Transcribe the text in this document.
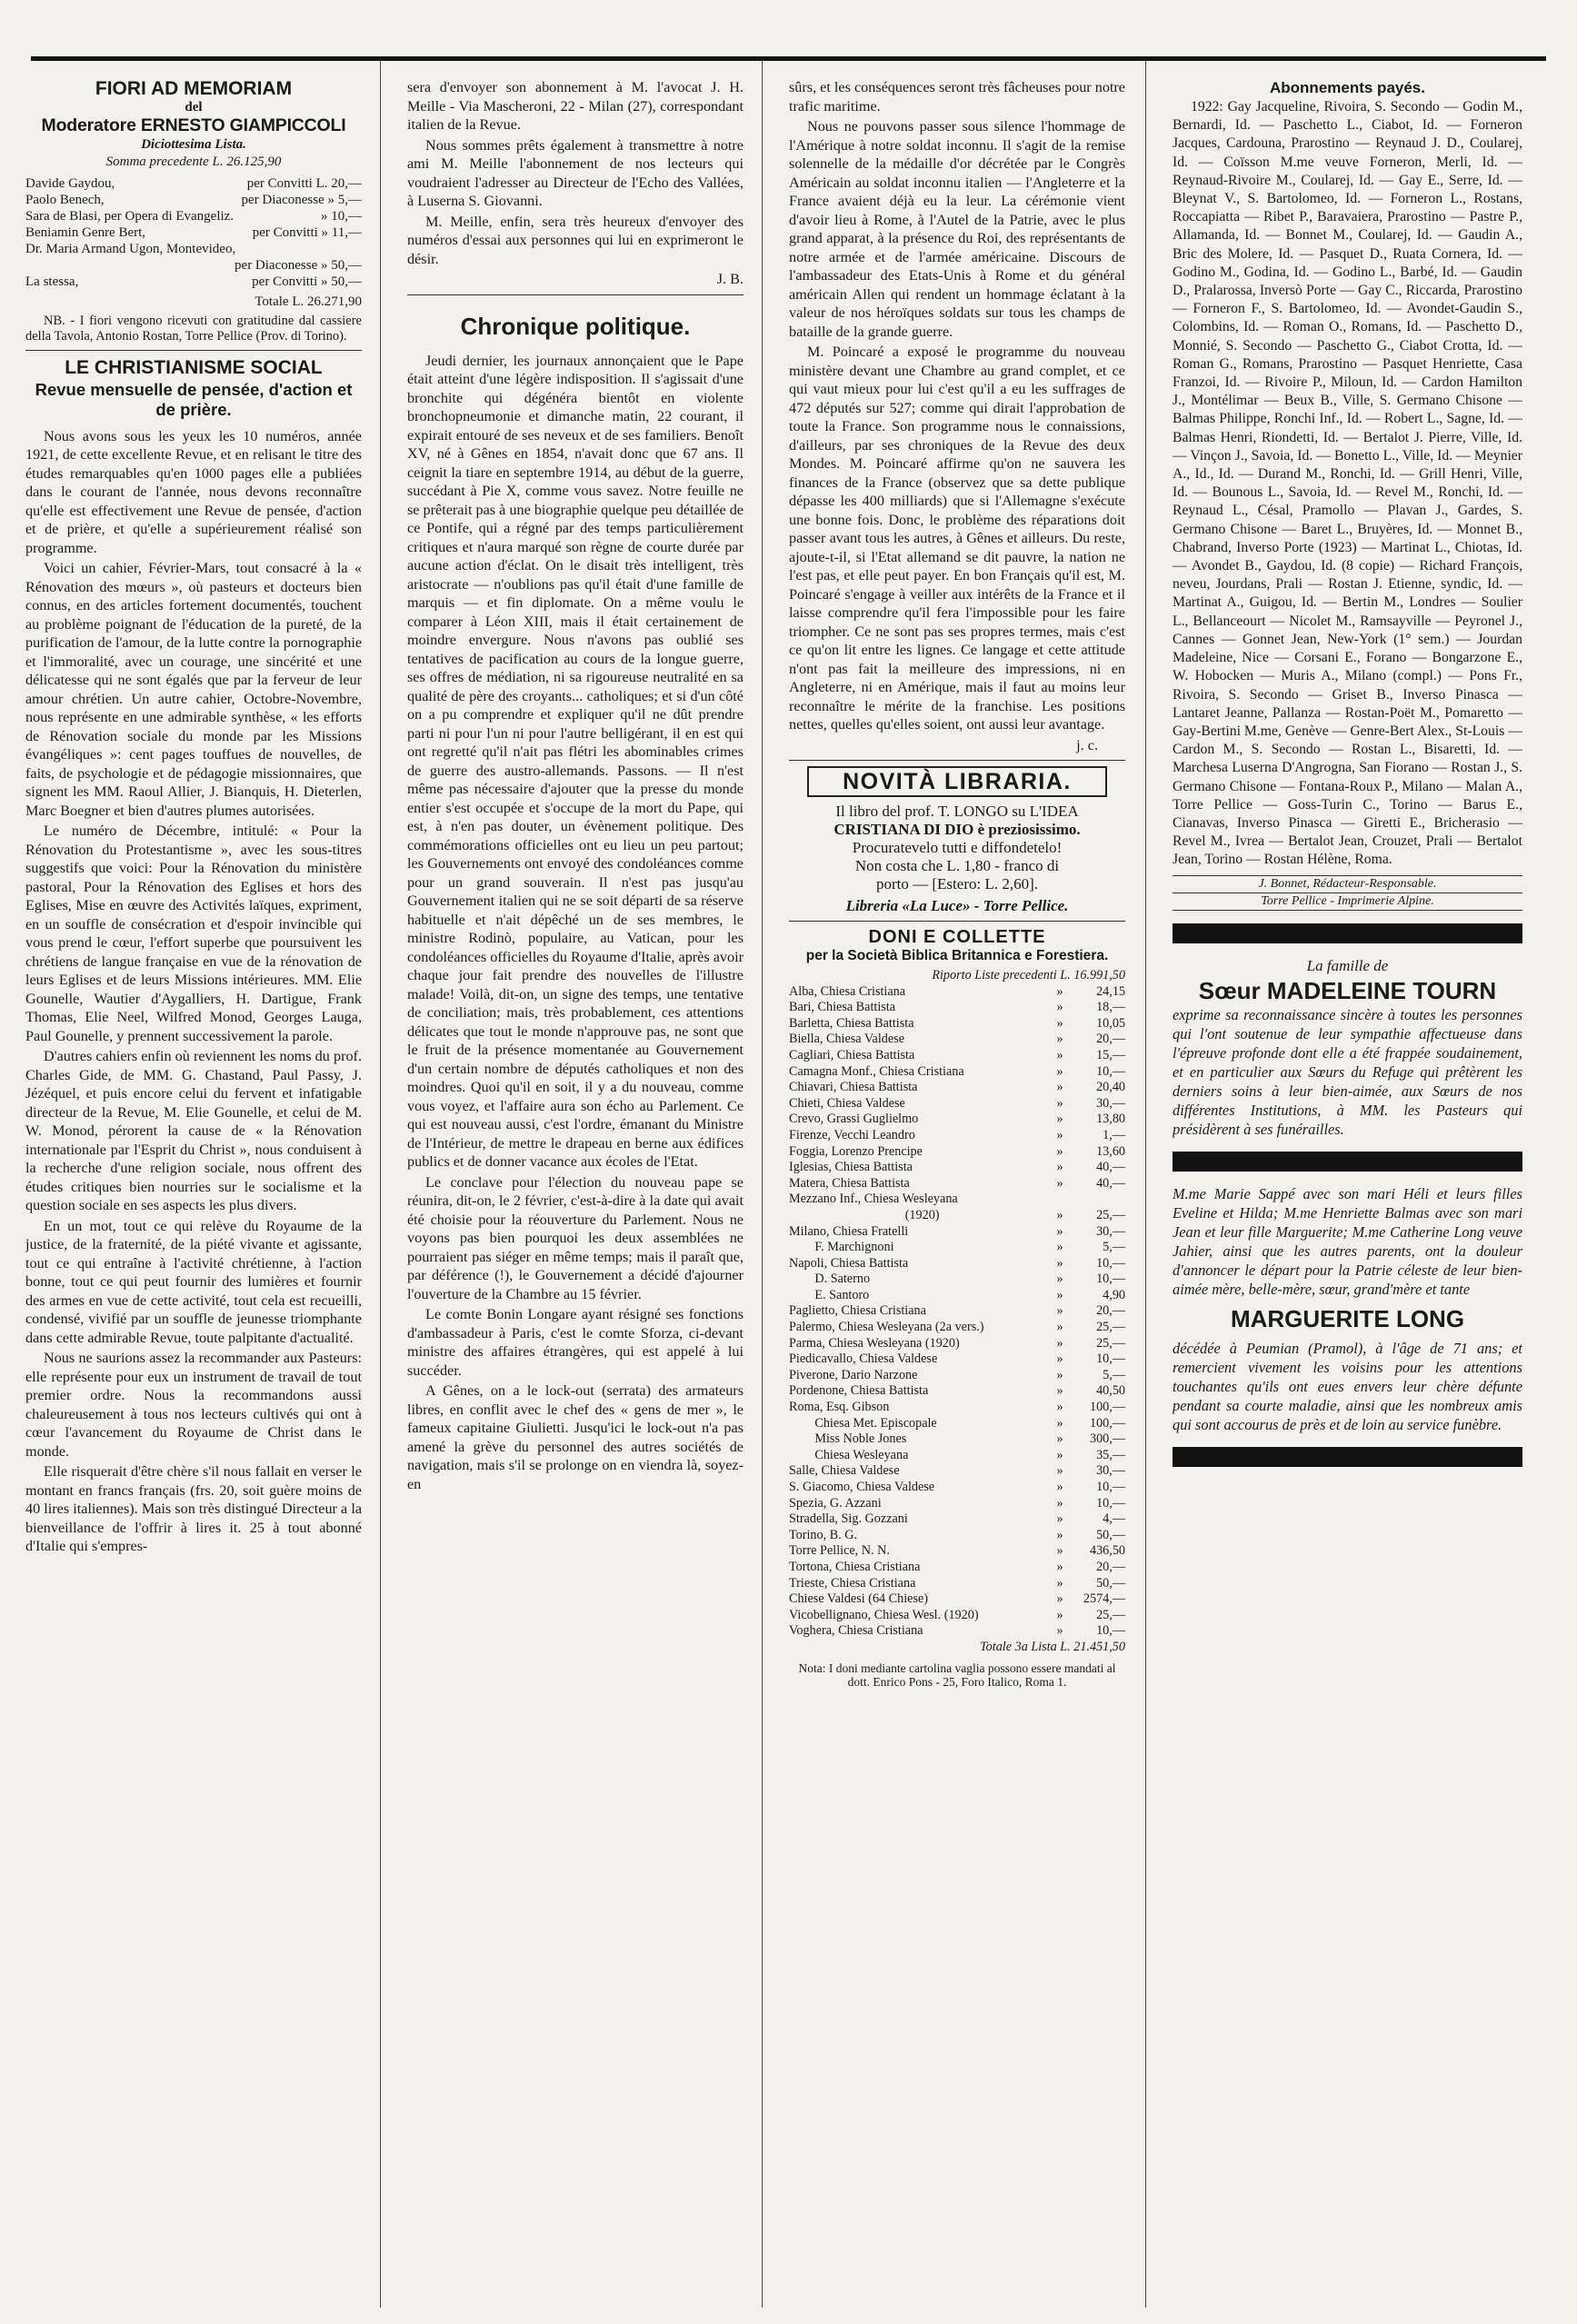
FIORI AD MEMORIAM
del
Moderatore ERNESTO GIAMPICCOLI
Diciottesima Lista.
Somma precedente L. 26.125,90
Davide Gaydou,	per Convitti L. 20,—
Paolo Benech,	per Diaconesse » 5,—
Sara de Blasi, per Opera di Evangeliz.	» 10,—
Beniamin Genre Bert,	per Convitti » 11,—
Dr. Maria Armand Ugon, Montevideo,
per Diaconesse » 50,—
La stessa,	per Convitti » 50,—
Totale L. 26.271,90

NB. - I fiori vengono ricevuti con gratitudine dal cassiere della Tavola, Antonio Rostan, Torre Pellice (Prov. di Torino).

LE CHRISTIANISME SOCIAL
Revue mensuelle de pensée, d'action et de prière.

Nous avons sous les yeux les 10 numéros, année 1921, de cette excellente Revue, et en relisant le titre des études remarquables qu'en 1000 pages elle a publiées dans le courant de l'année, nous devons reconnaître qu'elle est effectivement une Revue de pensée, d'action et de prière, et qu'elle a supérieurement réalisé son programme.

Voici un cahier, Février-Mars, tout consacré à la « Rénovation des mœurs », où pasteurs et docteurs bien connus, en des articles fortement documentés, touchent au problème poignant de l'éducation de la pureté, de la purification de l'amour, de la lutte contre la pornographie et l'immoralité, avec un courage, une sincérité et une délicatesse qui ne sont égalés que par la ferveur de leur amour chrétien. Un autre cahier, Octobre-Novembre, nous représente en une admirable synthèse, « les efforts de Rénovation sociale du monde par les Missions évangéliques »: cent pages touffues de nouvelles, de faits, de psychologie et de pédagogie missionnaires, que signent les MM. Raoul Allier, J. Bianquis, H. Dieterlen, Marc Boegner et bien d'autres plumes autorisées.

Le numéro de Décembre, intitulé: « Pour la Rénovation du Protestantisme », avec les sous-titres suggestifs que voici: Pour la Rénovation du ministère pastoral, Pour la Rénovation des Eglises et hors des Eglises, Mise en œuvre des Activités laïques, expriment, en un souffle de consécration et d'espoir invincible qui vous prend le cœur, l'effort superbe que poursuivent les chrétiens de langue française en vue de la rénovation de leurs Eglises et de leurs Missions intérieures. MM. Elie Gounelle, Wautier d'Aygalliers, H. Dartigue, Frank Thomas, Elie Neel, Wilfred Monod, Georges Lauga, Paul Gounelle, y prennent successivement la parole.

D'autres cahiers enfin où reviennent les noms du prof. Charles Gide, de MM. G. Chastand, Paul Passy, J. Jézéquel, et puis encore celui du fervent et infatigable directeur de la Revue, M. Elie Gounelle, et celui de M. W. Monod, pérorent la cause de « la Rénovation internationale par l'Esprit du Christ », nous conduisent à la recherche d'une religion sociale, nous offrent des études critiques bien nourries sur le socialisme et la question sociale en ses aspects les plus divers.

En un mot, tout ce qui relève du Royaume de la justice, de la fraternité, de la piété vivante et agissante, tout ce qui entraîne à l'activité chrétienne, à l'action bonne, tout ce qui peut fournir des lumières et fournir des armes en vue de cette activité, tout cela est recueilli, condensé, vivifié par un souffle de jeunesse triomphante dans cette admirable Revue, toute palpitante d'actualité.

Nous ne saurions assez la recommander aux Pasteurs: elle représente pour eux un instrument de travail de tout premier ordre. Nous la recommandons aussi chaleureusement à tous nos lecteurs cultivés qui ont à cœur l'avancement du Royaume de Christ dans le monde.

Elle risquerait d'être chère s'il nous fallait en verser le montant en francs français (frs. 20, soit guère moins de 40 lires italiennes). Mais son très distingué Directeur a la bienveillance de l'offrir à lires it. 25 à tout abonné d'Italie qui s'empres-

sera d'envoyer son abonnement à M. l'avocat J. H. Meille - Via Mascheroni, 22 - Milan (27), correspondant italien de la Revue.

Nous sommes prêts également à transmettre à notre ami M. Meille l'abonnement de nos lecteurs qui voudraient l'adresser au Directeur de l'Echo des Vallées, à Luserna S. Giovanni.

M. Meille, enfin, sera très heureux d'envoyer des numéros d'essai aux personnes qui lui en exprimeront le désir.

J. B.
Chronique politique.

Jeudi dernier, les journaux annonçaient que le Pape était atteint d'une légère indisposition. Il s'agissait d'une bronchite qui dégénéra bientôt en violente bronchopneumonie et dimanche matin, 22 courant, il expirait entouré de ses neveux et de ses familiers. Benoît XV, né à Gênes en 1854, n'avait donc que 67 ans. Il ceignit la tiare en septembre 1914, au début de la guerre, succédant à Pie X, comme vous savez. Notre feuille ne se prêterait pas à une biographie quelque peu détaillée de ce Pontife, qui a régné par des temps particulièrement critiques et n'aura marqué son règne de courte durée par aucune action d'éclat. On le disait très intelligent, très aristocrate — n'oublions pas qu'il était d'une famille de marquis — et fin diplomate. On a même voulu le comparer à Léon XIII, mais il était certainement de moindre envergure. Nous n'avons pas oublié ses tentatives de pacification au cours de la longue guerre, ses offres de médiation, ni sa rigoureuse neutralité en sa qualité de père des croyants... catholiques; et si d'un côté on a pu comprendre et expliquer qu'il ne dût prendre parti ni pour l'un ni pour l'autre belligérant, il en est qui ont regretté qu'il n'ait pas flétri les abominables crimes de guerre des austro-allemands. Passons. — Il n'est même pas nécessaire d'ajouter que la presse du monde entier s'est occupée et s'occupe de la mort du Pape, qui est, à n'en pas douter, un évènement politique. Des commémorations officielles ont eu lieu un peu partout; les Gouvernements ont envoyé des condoléances comme pour un grand souverain. Il n'est pas jusqu'au Gouvernement italien qui ne se soit départi de sa réserve habituelle et n'ait dépêché un de ses membres, le ministre Rodinò, populaire, au Vatican, pour les condoléances officielles du Royaume d'Italie, après avoir chaque jour fait prendre des nouvelles de l'illustre malade! Voilà, dit-on, un signe des temps, une tentative de conciliation; mais, très probablement, ces attentions délicates que tout le monde n'approuve pas, ne sont que le fruit de la présence momentanée au Gouvernement d'un certain nombre de députés catholiques et non des moindres. Quoi qu'il en soit, il y a du nouveau, comme vous voyez, et l'affaire aura son écho au Parlement. Ce qui est nouveau aussi, c'est l'ordre, émanant du Ministre de l'Intérieur, de mettre le drapeau en berne aux édifices publics et de donner vacance aux écoles de l'Etat.

Le conclave pour l'élection du nouveau pape se réunira, dit-on, le 2 février, c'est-à-dire à la date qui avait été choisie pour la réouverture du Parlement. Nous ne voyons pas bien pourquoi les deux assemblées ne pourraient pas siéger en même temps; mais il paraît que, par déférence (!), le Gouvernement a décidé d'ajourner l'ouverture de la Chambre au 15 février.

Le comte Bonin Longare ayant résigné ses fonctions d'ambassadeur à Paris, c'est le comte Sforza, ci-devant ministre des affaires étrangères, qui est appelé à lui succéder.

A Gênes, on a le lock-out (serrata) des armateurs libres, en conflit avec le chef des « gens de mer », le fameux capitaine Giulietti. Jusqu'ici le lock-out n'a pas amené la grève du personnel des autres sociétés de navigation, mais s'il se prolonge on en viendra là, soyez-en

sûrs, et les conséquences seront très fâcheuses pour notre trafic maritime.

Nous ne pouvons passer sous silence l'hommage de l'Amérique à notre soldat inconnu. Il s'agit de la remise solennelle de la médaille d'or décrétée par le Congrès Américain au soldat inconnu italien — l'Angleterre et la France avaient déjà eu la leur. La cérémonie vient d'avoir lieu à Rome, à l'Autel de la Patrie, avec le plus grand apparat, à la présence du Roi, des représentants de notre armée et de l'armée américaine. Discours de l'ambassadeur des Etats-Unis à Rome et du général américain Allen qui rendent un hommage éclatant à la valeur de nos héroïques soldats sur tous les champs de bataille de la grande guerre.

M. Poincaré a exposé le programme du nouveau ministère devant une Chambre au grand complet, et ce qui vaut mieux pour lui c'est qu'il a eu les suffrages de 472 députés sur 527; comme qui dirait l'approbation de toute la France. Son programme nous le connaissions, d'ailleurs, par ses chroniques de la Revue des deux Mondes. M. Poincaré affirme qu'on ne sauvera les finances de la France (observez que sa dette publique dépasse les 400 milliards) que si l'Allemagne s'exécute une bonne fois. Donc, le problème des réparations doit passer avant tous les autres, à Gênes et ailleurs. Du reste, ajoute-t-il, si l'Etat allemand se dit pauvre, la nation ne l'est pas, et elle peut payer. En bon Français qu'il est, M. Poincaré s'engage à veiller aux intérêts de la France et il laisse comprendre qu'il fera l'impossible pour les faire triompher. Ce ne sont pas ses propres termes, mais c'est ce qu'on lit entre les lignes. Ce langage et cette attitude n'ont pas fait la meilleure des impressions, ni en Angleterre, ni en Amérique, mais il faut au moins leur reconnaître le mérite de la franchise. Les positions nettes, quelles qu'elles soient, ont aussi leur avantage.

j. c.
NOVITÀ LIBRARIA.
Il libro del prof. T. LONGO su L'IDEA
CRISTIANA DI DIO è preziosissimo.
Procuratevelo tutti e diffondetelo!
Non costa che L. 1,80 - franco di
porto — [Estero: L. 2,60].
Libreria «La Luce» - Torre Pellice.
DONI E COLLETTE
per la Società Biblica Britannica e Forestiera.
Riporto Liste precedenti L. 16.991,50
Alba, Chiesa Cristiana	»	24,15
Bari, Chiesa Battista	»	18,—
Barletta, Chiesa Battista	»	10,05
Biella, Chiesa Valdese	»	20,—
Cagliari, Chiesa Battista	»	15,—
Camagna Monf., Chiesa Cristiana	»	10,—
Chiavari, Chiesa Battista	»	20,40
Chieti, Chiesa Valdese	»	30,—
Crevo, Grassi Guglielmo	»	13,80
Firenze, Vecchi Leandro	»	1,—
Foggia, Lorenzo Prencipe	»	13,60
Iglesias, Chiesa Battista	»	40,—
Matera, Chiesa Battista	»	40,—
Mezzano Inf., Chiesa Wesleyana
(1920)	»	25,—
Milano, Chiesa Fratelli	»	30,—
F. Marchignoni	»	5,—
Napoli, Chiesa Battista	»	10,—
D. Saterno	»	10,—
E. Santoro	»	4,90
Paglietto, Chiesa Cristiana	»	20,—
Palermo, Chiesa Wesleyana (2a vers.)	»	25,—
Parma, Chiesa Wesleyana (1920)	»	25,—
Piedicavallo, Chiesa Valdese	»	10,—
Piverone, Dario Narzone	»	5,—
Pordenone, Chiesa Battista	»	40,50
Roma, Esq. Gibson	»	100,—
Chiesa Met. Episcopale	»	100,—
Miss Noble Jones	»	300,—
Chiesa Wesleyana	»	35,—
Salle, Chiesa Valdese	»	30,—
S. Giacomo, Chiesa Valdese	»	10,—
Spezia, G. Azzani	»	10,—
Stradella, Sig. Gozzani	»	4,—
Torino, B. G.	»	50,—
Torre Pellice, N. N.	»	436,50
Tortona, Chiesa Cristiana	»	20,—
Trieste, Chiesa Cristiana	»	50,—
Chiese Valdesi (64 Chiese)	»	2574,—
Vicobellignano, Chiesa Wesl. (1920)	»	25,—
Voghera, Chiesa Cristiana	»	10,—
Totale 3a Lista L. 21.451,50
Nota: I doni mediante cartolina vaglia possono essere mandati al dott. Enrico Pons - 25, Foro Italico, Roma 1.
Abonnements payés.
1922: Gay Jacqueline, Rivoira, S. Secondo — Godin M., Bernardi, Id. — Paschetto L., Ciabot, Id. — Forneron Jacques, Cardouna, Prarostino — Reynaud J. D., Coularej, Id. — Coïsson M.me veuve Forneron, Merli, Id. — Reynaud-Rivoire M., Coularej, Id. — Gay E., Serre, Id. — Bleynat V., S. Bartolomeo, Id. — Forneron L., Rostans, Roccapiatta — Ribet P., Baravaiera, Prarostino — Pastre P., Allamanda, Id. — Bonnet M., Coularej, Id. — Gaudin A., Bric des Molere, Id. — Pasquet D., Ruata Cornera, Id. — Godino M., Godina, Id. — Godino L., Barbé, Id. — Gaudin D., Pralarossa, Inversò Porte — Gay C., Riccarda, Prarostino — Forneron F., S. Bartolomeo, Id. — Avondet-Gaudin S., Colombins, Id. — Roman O., Romans, Id. — Paschetto D., Monnié, S. Secondo — Paschetto G., Ciabot Crotta, Id. — Roman G., Romans, Prarostino — Pasquet Henriette, Casa Franzoi, Id. — Rivoire P., Miloun, Id. — Cardon Hamilton J., Montélimar — Beux B., Ville, S. Germano Chisone — Balmas Philippe, Ronchi Inf., Id. — Robert L., Sagne, Id. — Balmas Henri, Riondetti, Id. — Bertalot J. Pierre, Ville, Id. — Vinçon J., Savoia, Id. — Bonetto L., Ville, Id. — Meynier A., Id., Id. — Durand M., Ronchi, Id. — Grill Henri, Ville, Id. — Bounous L., Savoia, Id. — Revel M., Ronchi, Id. — Reynaud L., Césal, Pramollo — Plavan J., Gardes, S. Germano Chisone — Baret L., Bruyères, Id. — Monnet B., Chabrand, Inverso Porte (1923) — Martinat L., Chiotas, Id. — Avondet B., Gaydou, Id. (8 copie) — Richard François, neveu, Jourdans, Prali — Rostan J. Etienne, syndic, Id. — Martinat A., Guigou, Id. — Bertin M., Londres — Soulier L., Bellanceourt — Nicolet M., Ramsayville — Peyronel J., Cannes — Gonnet Jean, New-York (1° sem.) — Jourdan Madeleine, Nice — Corsani E., Forano — Bongarzone E., W. Hobocken — Muris A., Milano (compl.) — Pons Fr., Rivoira, S. Secondo — Griset B., Inverso Pinasca — Lantaret Jeanne, Pallanza — Rostan-Poët M., Pomaretto — Gay-Bertini M.me, Genève — Genre-Bert Alex., St-Louis — Cardon M., S. Secondo — Rostan L., Bisaretti, Id. — Marchesa Luserna D'Angrogna, San Fiorano — Rostan J., S. Germano Chisone — Fontana-Roux P., Milano — Malan A., Torre Pellice — Goss-Turin C., Torino — Barus E., Cianavas, Inverso Pinasca — Giretti E., Bricherasio — Revel M., Ivrea — Bertalot Jean, Crouzet, Prali — Bertalot Jean, Torino — Rostan Hélène, Roma.
J. Bonnet, Rédacteur-Responsable.
Torre Pellice - Imprimerie Alpine.
La famille de
Sœur MADELEINE TOURN
exprime sa reconnaissance sincère à toutes les personnes qui l'ont soutenue de leur sympathie affectueuse dans l'épreuve profonde dont elle a été frappée soudainement, et en particulier aux Sœurs du Refuge qui prêtèrent les derniers soins à leur bien-aimée, aux Sœurs de nos différentes Institutions, à MM. les Pasteurs qui présidèrent à ses funérailles.
M.me Marie Sappé avec son mari Héli et leurs filles Eveline et Hilda; M.me Henriette Balmas avec son mari Jean et leur fille Marguerite; M.me Catherine Long veuve Jahier, ainsi que les autres parents, ont la douleur d'annoncer le départ pour la Patrie céleste de leur bien-aimée mère, belle-mère, sœur, grand'mère et tante
MARGUERITE LONG
décédée à Peumian (Pramol), à l'âge de 71 ans; et remercient vivement les voisins pour les attentions touchantes qu'ils ont eues envers leur chère défunte pendant sa courte maladie, ainsi que les nombreux amis qui sont accourus de près et de loin au service funèbre.
